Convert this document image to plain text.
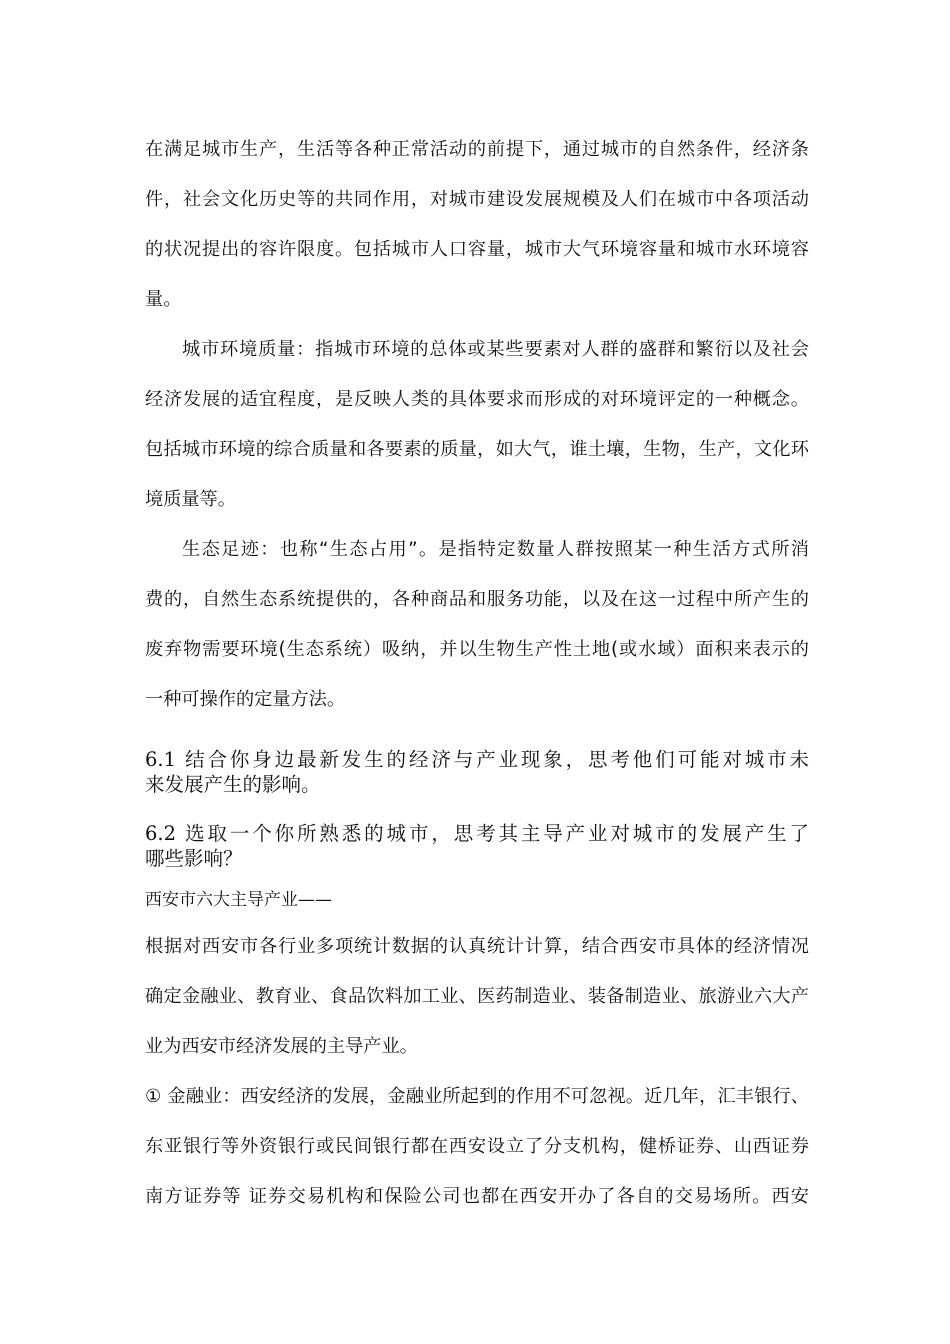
在满足城市生产，生活等各种正常活动的前提下，通过城市的自然条件，经济条

件，社会文化历史等的共同作用，对城市建设发展规模及人们在城市中各项活动

的状况提出的容许限度。包括城市人口容量，城市大气环境容量和城市水环境容

量。

城市环境质量：指城市环境的总体或某些要素对人群的盛群和繁衍以及社会

经济发展的适宜程度，是反映人类的具体要求而形成的对环境评定的一种概念。

包括城市环境的综合质量和各要素的质量，如大气，谁土壤，生物，生产，文化环

境质量等。

生态足迹：也称“生态占用”。是指特定数量人群按照某一种生活方式所消

费的，自然生态系统提供的，各种商品和服务功能，以及在这一过程中所产生的

废弃物需要环境(生态系统）吸纳，并以生物生产性土地(或水域）面积来表示的

一种可操作的定量方法。

6.1 结合你身边最新发生的经济与产业现象，思考他们可能对城市未

来发展产生的影响。

6.2 选取一个你所熟悉的城市，思考其主导产业对城市的发展产生了

哪些影响？

西安市六大主导产业——

根据对西安市各行业多项统计数据的认真统计计算，结合西安市具体的经济情况

确定金融业、教育业、食品饮料加工业、医药制造业、装备制造业、旅游业六大产

业为西安市经济发展的主导产业。

① 金融业：西安经济的发展，金融业所起到的作用不可忽视。近几年，汇丰银行、

东亚银行等外资银行或民间银行都在西安设立了分支机构，健桥证券、山西证券

南方证券等 证券交易机构和保险公司也都在西安开办了各自的交易场所。西安
